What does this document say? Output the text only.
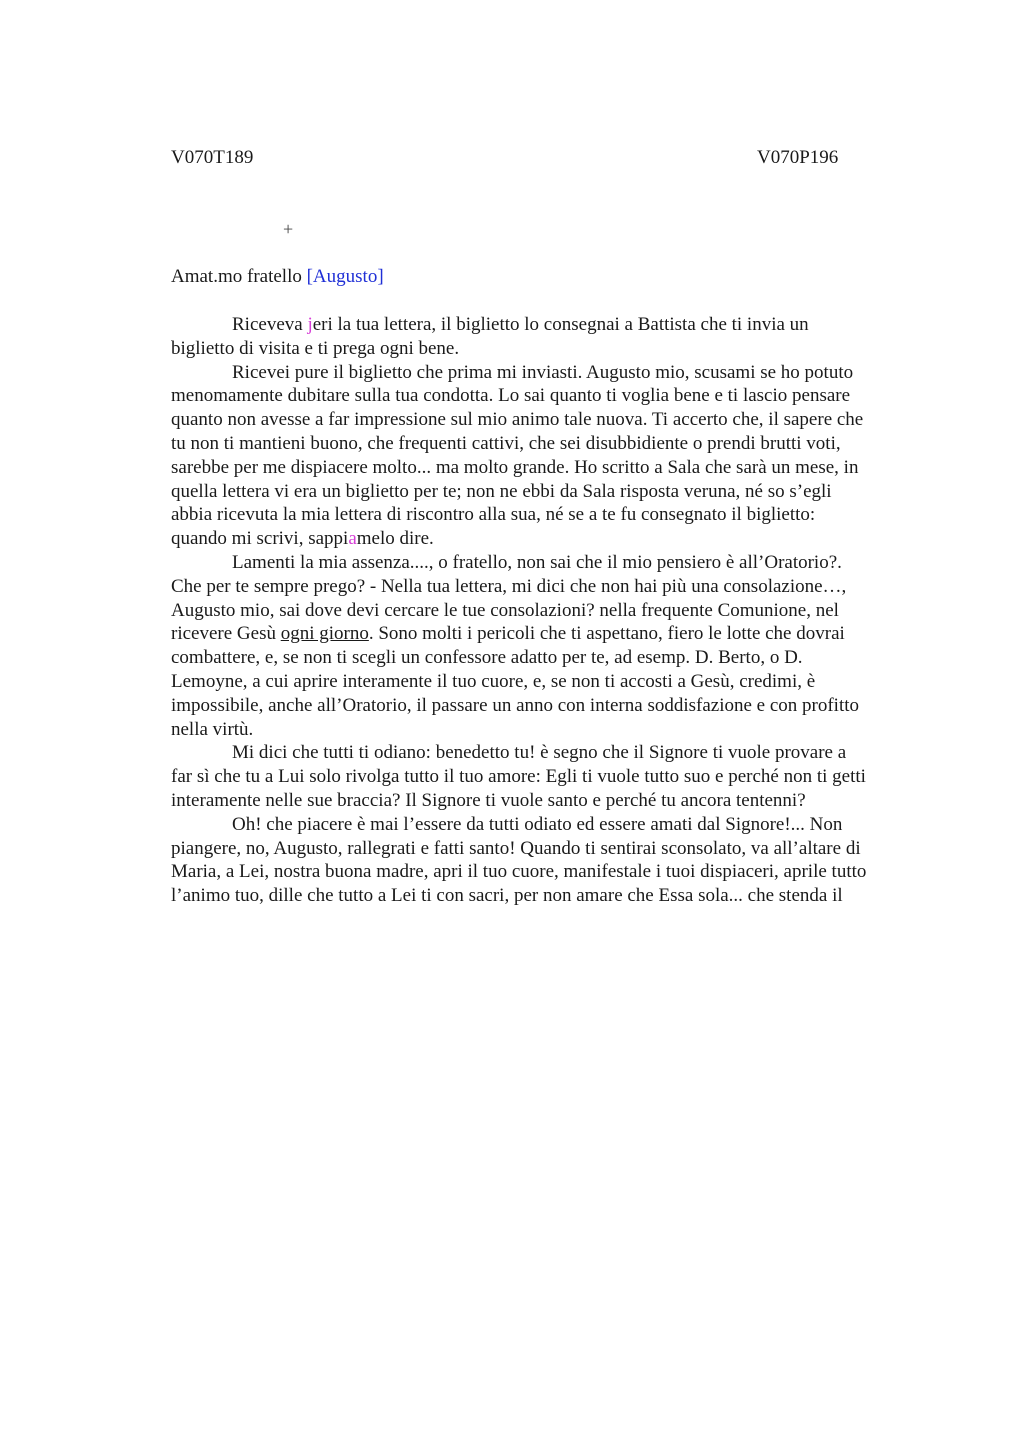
V070T189	V070P196
+
Amat.mo fratello [Augusto]
Riceveva jeri la tua lettera, il biglietto lo consegnai a Battista che ti invia un
biglietto di visita e ti prega ogni bene.
Ricevei pure il biglietto che prima mi inviasti. Augusto mio, scusami se ho potuto
menomamente dubitare sulla tua condotta. Lo sai quanto ti voglia bene e ti lascio pensare
quanto non avesse a far impressione sul mio animo tale nuova. Ti accerto che, il sapere che
tu non ti mantieni buono, che frequenti cattivi, che sei disubbidiente o prendi brutti voti,
sarebbe per me dispiacere molto... ma molto grande. Ho scritto a Sala che sarà un mese, in
quella lettera vi era un biglietto per te; non ne ebbi da Sala risposta veruna, né so s’egli
abbia ricevuta la mia lettera di riscontro alla sua, né se a te fu consegnato il biglietto:
quando mi scrivi, sappiamelo dire.
Lamenti la mia assenza...., o fratello, non sai che il mio pensiero è all’Oratorio?.
Che per te sempre prego? - Nella tua lettera, mi dici che non hai più una consolazione…,
Augusto mio, sai dove devi cercare le tue consolazioni? nella frequente Comunione, nel
ricevere Gesù ogni giorno. Sono molti i pericoli che ti aspettano, fiero le lotte che dovrai
combattere, e, se non ti scegli un confessore adatto per te, ad esemp. D. Berto, o D.
Lemoyne, a cui aprire interamente il tuo cuore, e, se non ti accosti a Gesù, credimi, è
impossibile, anche all’Oratorio, il passare un anno con interna soddisfazione e con profitto
nella virtù.
Mi dici che tutti ti odiano: benedetto tu! è segno che il Signore ti vuole provare a
far sì che tu a Lui solo rivolga tutto il tuo amore: Egli ti vuole tutto suo e perché non ti getti
interamente nelle sue braccia? Il Signore ti vuole santo e perché tu ancora tentenni?
Oh! che piacere è mai l’essere da tutti odiato ed essere amati dal Signore!... Non
piangere, no, Augusto, rallegrati e fatti santo! Quando ti sentirai sconsolato, va all’altare di
Maria, a Lei, nostra buona madre, apri il tuo cuore, manifestale i tuoi dispiaceri, aprile tutto
l’animo tuo, dille che tutto a Lei ti con sacri, per non amare che Essa sola... che stenda il
